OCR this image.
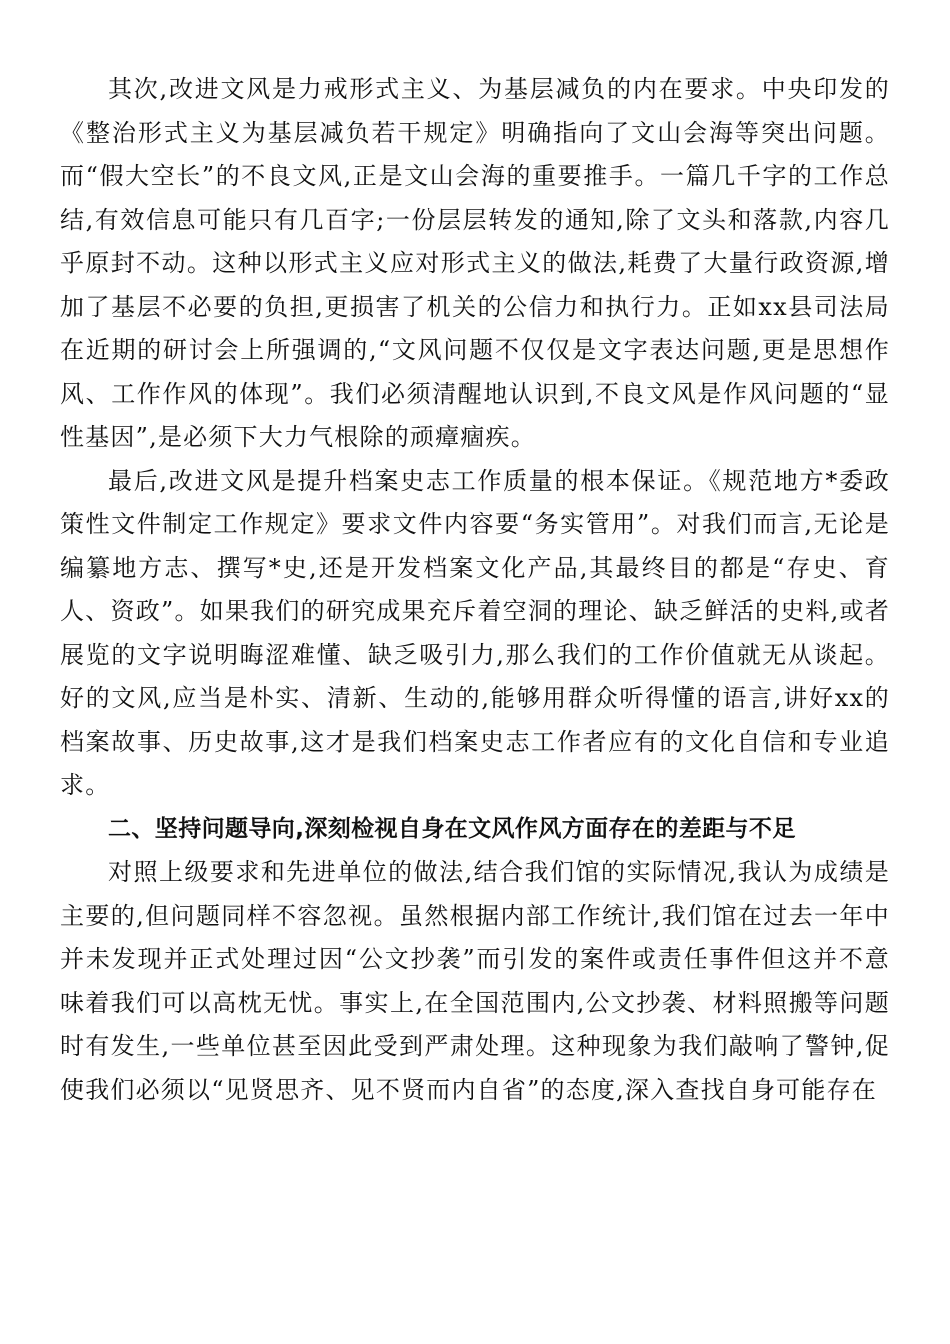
其次,改进文风是力戒形式主义、为基层减负的内在要求。中央印发的《整治形式主义为基层减负若干规定》明确指向了文山会海等突出问题。而“假大空长”的不良文风,正是文山会海的重要推手。一篇几千字的工作总结,有效信息可能只有几百字;一份层层转发的通知,除了文头和落款,内容几乎原封不动。这种以形式主义应对形式主义的做法,耗费了大量行政资源,增加了基层不必要的负担,更损害了机关的公信力和执行力。正如xx县司法局在近期的研讨会上所强调的,“文风问题不仅仅是文字表达问题,更是思想作风、工作作风的体现”。我们必须清醒地认识到,不良文风是作风问题的“显性基因”,是必须下大力气根除的顽瘴痼疾。

最后,改进文风是提升档案史志工作质量的根本保证。《规范地方*委政策性文件制定工作规定》要求文件内容要“务实管用”。对我们而言,无论是编纂地方志、撰写*史,还是开发档案文化产品,其最终目的都是“存史、育人、资政”。如果我们的研究成果充斥着空洞的理论、缺乏鲜活的史料,或者展览的文字说明晦涩难懂、缺乏吸引力,那么我们的工作价值就无从谈起。好的文风,应当是朴实、清新、生动的,能够用群众听得懂的语言,讲好xx的档案故事、历史故事,这才是我们档案史志工作者应有的文化自信和专业追求。

二、坚持问题导向,深刻检视自身在文风作风方面存在的差距与不足

对照上级要求和先进单位的做法,结合我们馆的实际情况,我认为成绩是主要的,但问题同样不容忽视。虽然根据内部工作统计,我们馆在过去一年中并未发现并正式处理过因“公文抄袭”而引发的案件或责任事件但这并不意味着我们可以高枕无忧。事实上,在全国范围内,公文抄袭、材料照搬等问题时有发生,一些单位甚至因此受到严肃处理。这种现象为我们敲响了警钟,促使我们必须以“见贤思齐、见不贤而内自省”的态度,深入查找自身可能存在
